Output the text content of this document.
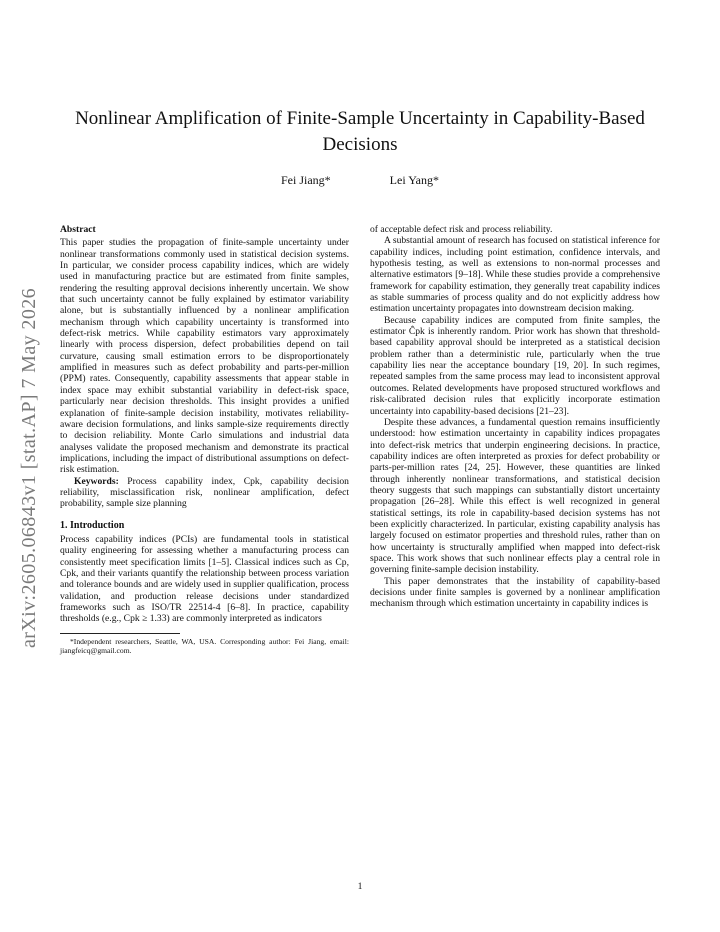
arXiv:2605.06843v1 [stat.AP] 7 May 2026
Nonlinear Amplification of Finite-Sample Uncertainty in Capability-Based Decisions
Fei Jiang*	Lei Yang*
Abstract

This paper studies the propagation of finite-sample uncertainty under nonlinear transformations commonly used in statistical decision systems. In particular, we consider process capability indices, which are widely used in manufacturing practice but are estimated from finite samples, rendering the resulting approval decisions inherently uncertain. We show that such uncertainty cannot be fully explained by estimator variability alone, but is substantially influenced by a nonlinear amplification mechanism through which capability uncertainty is transformed into defect-risk metrics. While capability estimators vary approximately linearly with process dispersion, defect probabilities depend on tail curvature, causing small estimation errors to be disproportionately amplified in measures such as defect probability and parts-per-million (PPM) rates. Consequently, capability assessments that appear stable in index space may exhibit substantial variability in defect-risk space, particularly near decision thresholds. This insight provides a unified explanation of finite-sample decision instability, motivates reliability-aware decision formulations, and links sample-size requirements directly to decision reliability. Monte Carlo simulations and industrial data analyses validate the proposed mechanism and demonstrate its practical implications, including the impact of distributional assumptions on defect-risk estimation.

Keywords: Process capability index, Cpk, capability decision reliability, misclassification risk, nonlinear amplification, defect probability, sample size planning

1. Introduction

Process capability indices (PCIs) are fundamental tools in statistical quality engineering for assessing whether a manufacturing process can consistently meet specification limits [1–5]. Classical indices such as Cp, Cpk, and their variants quantify the relationship between process variation and tolerance bounds and are widely used in supplier qualification, process validation, and production release decisions under standardized frameworks such as ISO/TR 22514-4 [6–8]. In practice, capability thresholds (e.g., Cpk ≥ 1.33) are commonly interpreted as indicators

*Independent researchers, Seattle, WA, USA. Corresponding author: Fei Jiang, email: jiangfeicq@gmail.com.

of acceptable defect risk and process reliability.

A substantial amount of research has focused on statistical inference for capability indices, including point estimation, confidence intervals, and hypothesis testing, as well as extensions to non-normal processes and alternative estimators [9–18]. While these studies provide a comprehensive framework for capability estimation, they generally treat capability indices as stable summaries of process quality and do not explicitly address how estimation uncertainty propagates into downstream decision making.

Because capability indices are computed from finite samples, the estimator Ĉpk is inherently random. Prior work has shown that threshold-based capability approval should be interpreted as a statistical decision problem rather than a deterministic rule, particularly when the true capability lies near the acceptance boundary [19, 20]. In such regimes, repeated samples from the same process may lead to inconsistent approval outcomes. Related developments have proposed structured workflows and risk-calibrated decision rules that explicitly incorporate estimation uncertainty into capability-based decisions [21–23].

Despite these advances, a fundamental question remains insufficiently understood: how estimation uncertainty in capability indices propagates into defect-risk metrics that underpin engineering decisions. In practice, capability indices are often interpreted as proxies for defect probability or parts-per-million rates [24, 25]. However, these quantities are linked through inherently nonlinear transformations, and statistical decision theory suggests that such mappings can substantially distort uncertainty propagation [26–28]. While this effect is well recognized in general statistical settings, its role in capability-based decision systems has not been explicitly characterized. In particular, existing capability analysis has largely focused on estimator properties and threshold rules, rather than on how uncertainty is structurally amplified when mapped into defect-risk space. This work shows that such nonlinear effects play a central role in governing finite-sample decision instability.

This paper demonstrates that the instability of capability-based decisions under finite samples is governed by a nonlinear amplification mechanism through which estimation uncertainty in capability indices is

1
